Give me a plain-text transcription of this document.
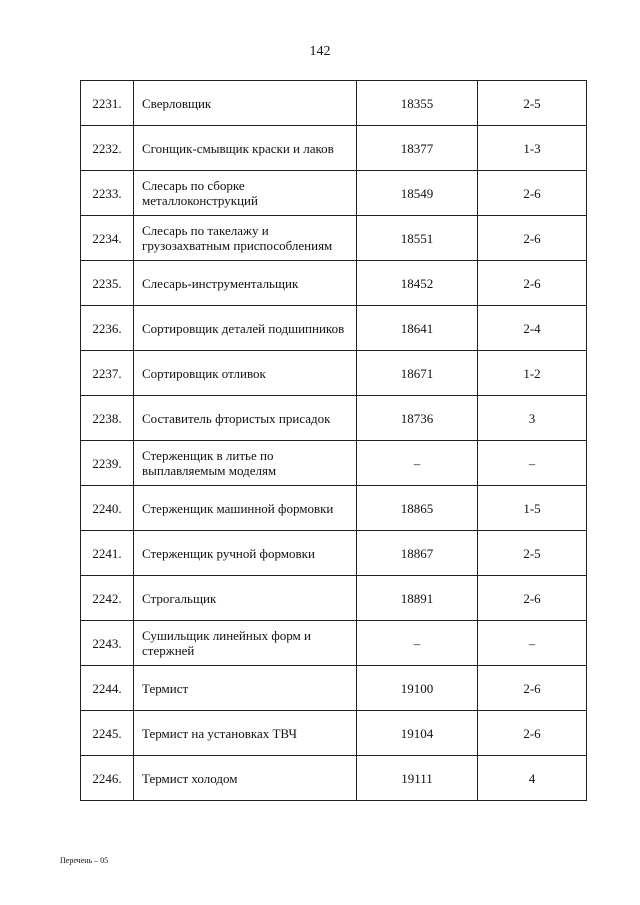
142
2231.	Сверловщик	18355	2-5
2232.	Сгонщик-смывщик краски и лаков	18377	1-3
2233.	Слесарь по сборке металлоконструкций	18549	2-6
2234.	Слесарь по такелажу и грузозахватным приспособлениям	18551	2-6
2235.	Слесарь-инструментальщик	18452	2-6
2236.	Сортировщик деталей подшипников	18641	2-4
2237.	Сортировщик отливок	18671	1-2
2238.	Составитель фтористых присадок	18736	3
2239.	Стерженщик в литье по выплавляемым моделям	–	–
2240.	Стерженщик машинной формовки	18865	1-5
2241.	Стерженщик ручной формовки	18867	2-5
2242.	Строгальщик	18891	2-6
2243.	Сушильщик линейных форм и стержней	–	–
2244.	Термист	19100	2-6
2245.	Термист на установках ТВЧ	19104	2-6
2246.	Термист холодом	19111	4
Перечень – 05
